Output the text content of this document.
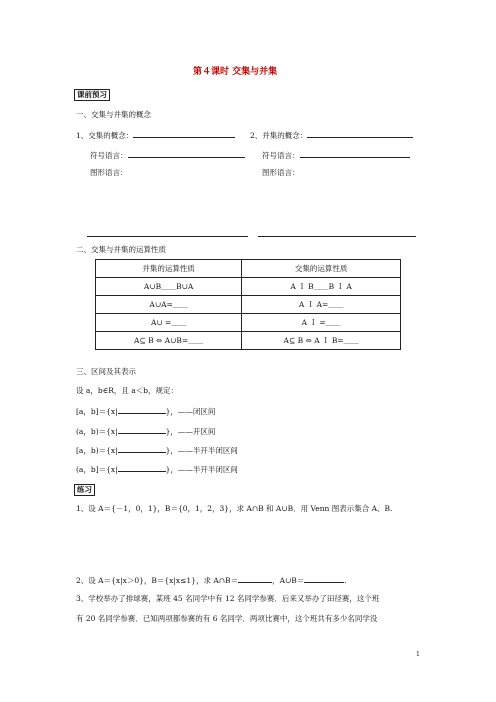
第４课时 交集与并集
课前预习
一、交集与并集的概念
1、交集的概念：	2、并集的概念：
符号语言：	符号语言：
图形语言：	图形语言：
二、交集与并集的运算性质
并集的运算性质	交集的运算性质
A∪B＿＿B∪A	A Ｉ B＿＿B Ｉ A
A∪A=＿＿	A Ｉ A=＿＿
A∪ =＿＿	A Ｉ =＿＿
A⊆ B ⇔ A∪B=＿＿	A⊆ B ⇔ A Ｉ B=＿＿
三、区间及其表示
设 a，b∈R，且 a＜b，规定：
[a，b]＝{x|	}，——闭区间
(a，b)＝{x|	}，——开区间
[a，b)＝{x|	}，——半开半闭区间
(a，b]＝{x|	}，——半开半闭区间
练习
1、设 A＝{－1，0，1}，B＝{0，1，2，3}，求 A∩B 和 A∪B．用 Venn 图表示集合 A、B.
2、设 A＝{x|x＞0}，B＝{x|x≤1}，求 A∩B＝	，A∪B＝	.
3、学校举办了排球赛，某班 45 名同学中有 12 名同学参赛．后来又举办了田径赛，这个班
有 20 名同学参赛．已知两项都参赛的有 6 名同学．两项比赛中，这个班共有多少名同学没
1
